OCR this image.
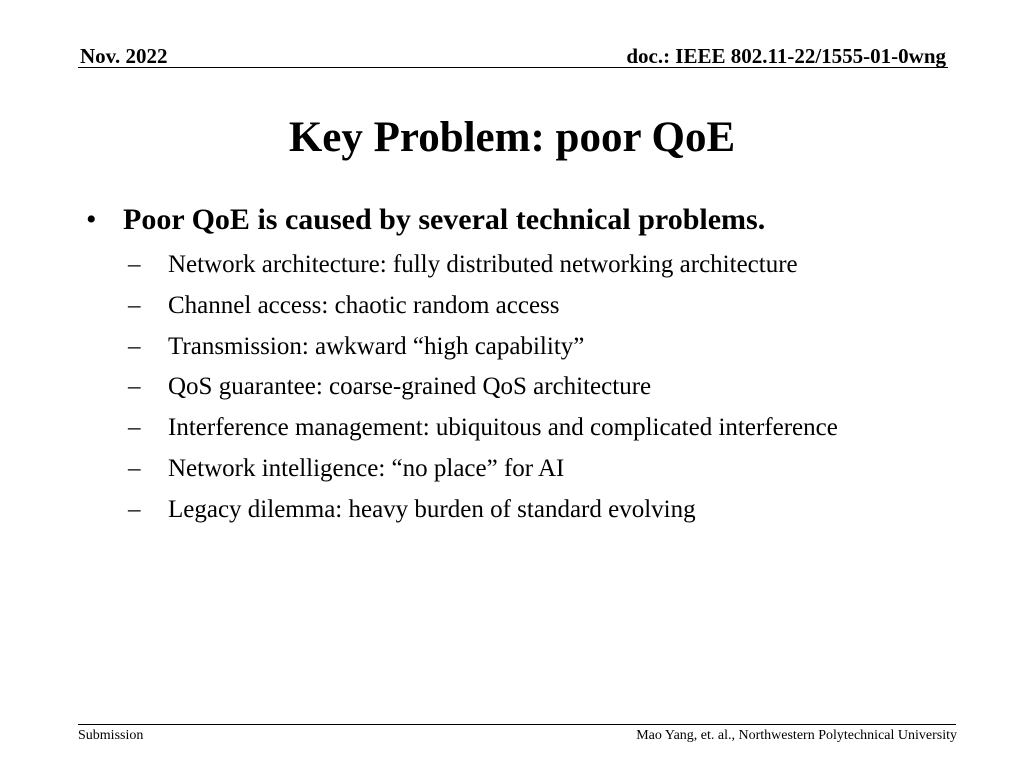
Nov. 2022	doc.: IEEE 802.11-22/1555-01-0wng
Key Problem: poor QoE
• Poor QoE is caused by several technical problems.
– Network architecture: fully distributed networking architecture
– Channel access: chaotic random access
– Transmission: awkward “high capability”
– QoS guarantee: coarse-grained QoS architecture
– Interference management: ubiquitous and complicated interference
– Network intelligence: “no place” for AI
– Legacy dilemma: heavy burden of standard evolving
Submission	Mao Yang, et. al., Northwestern Polytechnical University
